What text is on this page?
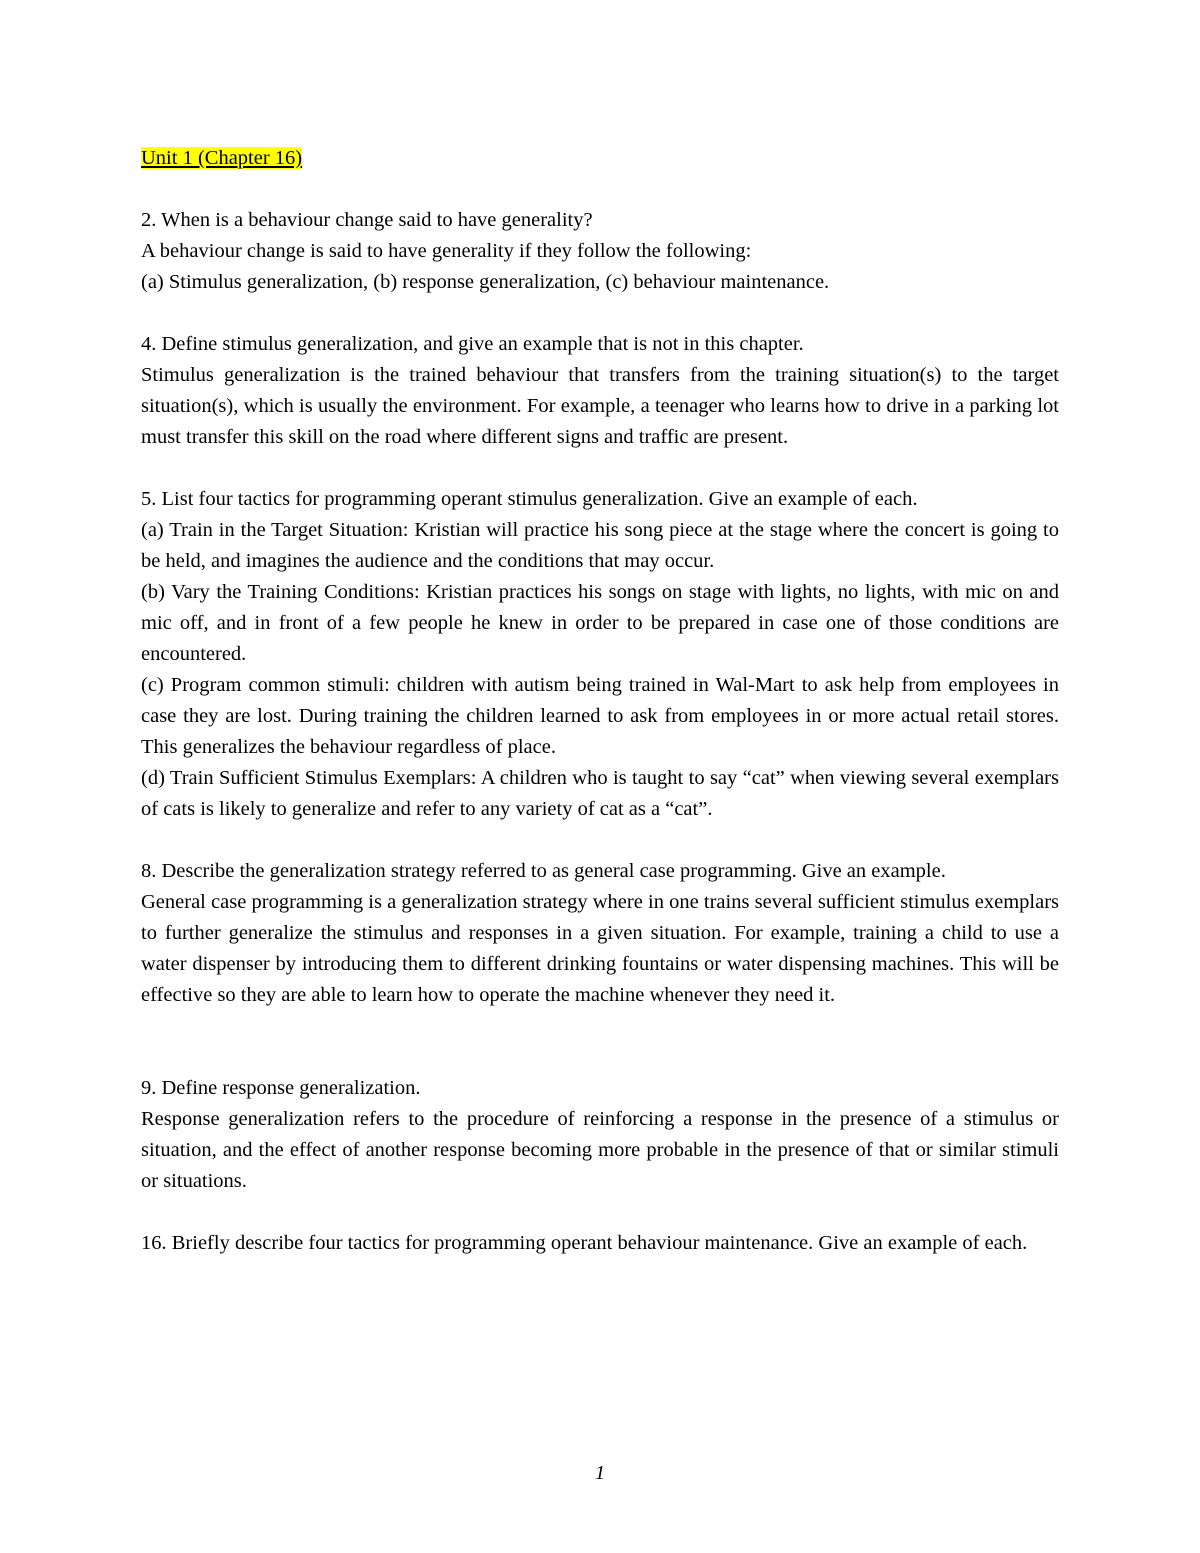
Unit 1 (Chapter 16)

2. When is a behaviour change said to have generality?

A behaviour change is said to have generality if they follow the following:

(a) Stimulus generalization, (b) response generalization, (c) behaviour maintenance.

4. Define stimulus generalization, and give an example that is not in this chapter.

Stimulus generalization is the trained behaviour that transfers from the training situation(s) to the target situation(s), which is usually the environment. For example, a teenager who learns how to drive in a parking lot must transfer this skill on the road where different signs and traffic are present.

5. List four tactics for programming operant stimulus generalization. Give an example of each.

(a) Train in the Target Situation: Kristian will practice his song piece at the stage where the concert is going to be held, and imagines the audience and the conditions that may occur.

(b) Vary the Training Conditions: Kristian practices his songs on stage with lights, no lights, with mic on and mic off, and in front of a few people he knew in order to be prepared in case one of those conditions are encountered.

(c) Program common stimuli: children with autism being trained in Wal-Mart to ask help from employees in case they are lost. During training the children learned to ask from employees in or more actual retail stores. This generalizes the behaviour regardless of place.

(d) Train Sufficient Stimulus Exemplars: A children who is taught to say “cat” when viewing several exemplars of cats is likely to generalize and refer to any variety of cat as a “cat”.

8. Describe the generalization strategy referred to as general case programming. Give an example.

General case programming is a generalization strategy where in one trains several sufficient stimulus exemplars to further generalize the stimulus and responses in a given situation. For example, training a child to use a water dispenser by introducing them to different drinking fountains or water dispensing machines. This will be effective so they are able to learn how to operate the machine whenever they need it.

9. Define response generalization.

Response generalization refers to the procedure of reinforcing a response in the presence of a stimulus or situation, and the effect of another response becoming more probable in the presence of that or similar stimuli or situations.

16. Briefly describe four tactics for programming operant behaviour maintenance. Give an example of each.

1
